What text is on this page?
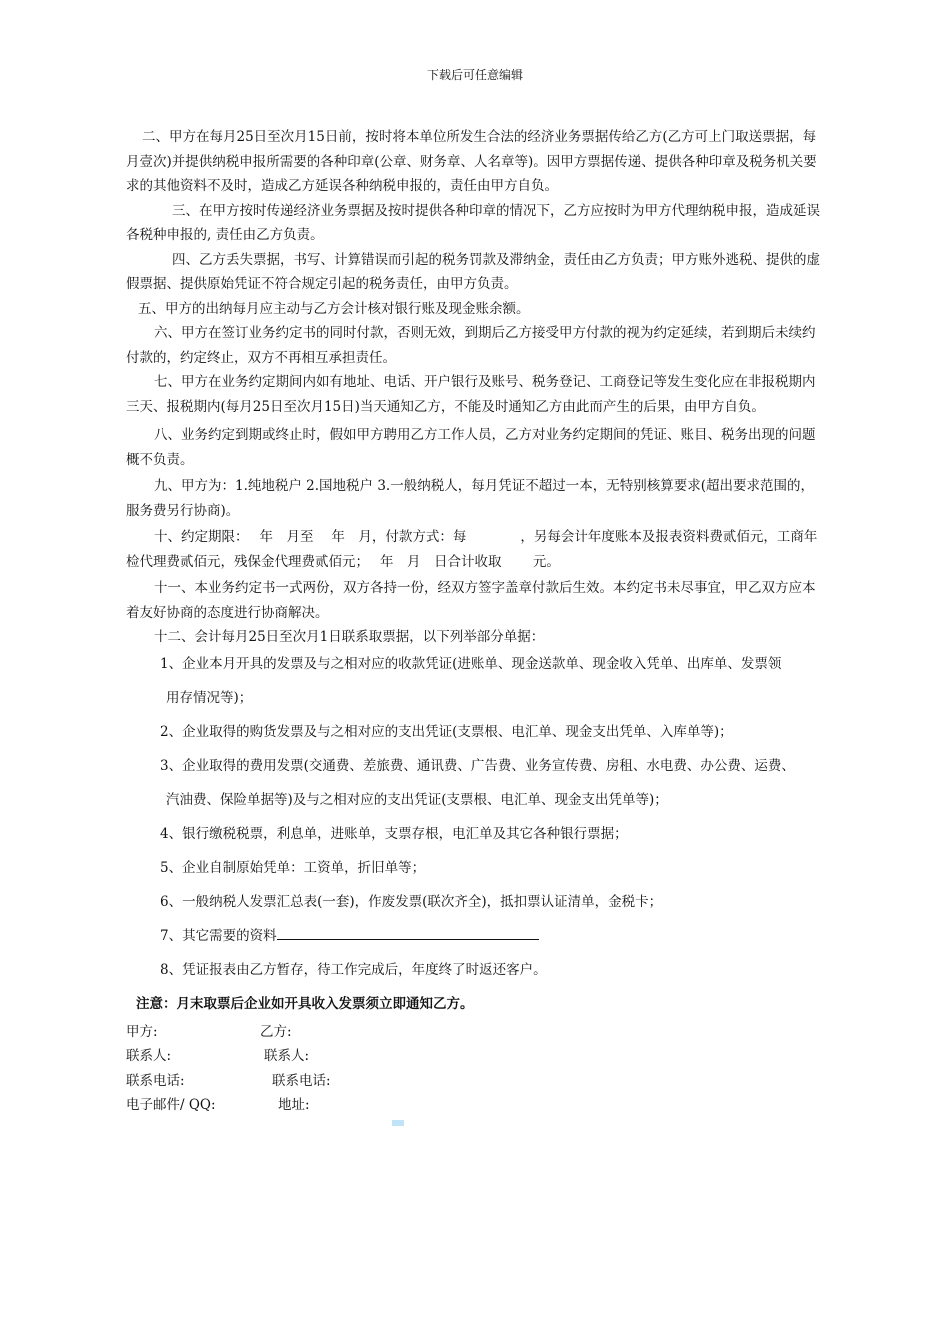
下载后可任意编辑

二、甲方在每月25日至次月15日前，按时将本单位所发生合法的经济业务票据传给乙方(乙方可上门取送票据，每月壹次)并提供纳税申报所需要的各种印章(公章、财务章、人名章等)。因甲方票据传递、提供各种印章及税务机关要求的其他资料不及时，造成乙方延误各种纳税申报的，责任由甲方自负。

三、在甲方按时传递经济业务票据及按时提供各种印章的情况下，乙方应按时为甲方代理纳税申报，造成延误各税种申报的, 责任由乙方负责。

四、乙方丢失票据，书写、计算错误而引起的税务罚款及滞纳金，责任由乙方负责；甲方账外逃税、提供的虚假票据、提供原始凭证不符合规定引起的税务责任，由甲方负责。

五、甲方的出纳每月应主动与乙方会计核对银行账及现金账余额。

六、甲方在签订业务约定书的同时付款，否则无效，到期后乙方接受甲方付款的视为约定延续，若到期后未续约付款的，约定终止，双方不再相互承担责任。

七、甲方在业务约定期间内如有地址、电话、开户银行及账号、税务登记、工商登记等发生变化应在非报税期内三天、报税期内(每月25日至次月15日)当天通知乙方，不能及时通知乙方由此而产生的后果，由甲方自负。

八、业务约定到期或终止时，假如甲方聘用乙方工作人员，乙方对业务约定期间的凭证、账目、税务出现的问题概不负责。

九、甲方为：1.纯地税户 2.国地税户 3.一般纳税人，每月凭证不超过一本，无特别核算要求(超出要求范围的，服务费另行协商)。

十、约定期限：　 年　月至　 年　月，付款方式：每　　　　，另每会计年度账本及报表资料费贰佰元，工商年检代理费贰佰元，残保金代理费贰佰元；　 年　月　日合计收取　　 元。

十一、本业务约定书一式两份，双方各持一份，经双方签字盖章付款后生效。本约定书未尽事宜，甲乙双方应本着友好协商的态度进行协商解决。

十二、会计每月25日至次月1日联系取票据，以下列举部分单据：

1、企业本月开具的发票及与之相对应的收款凭证(进账单、现金送款单、现金收入凭单、出库单、发票领
用存情况等)；

2、企业取得的购货发票及与之相对应的支出凭证(支票根、电汇单、现金支出凭单、入库单等)；

3、企业取得的费用发票(交通费、差旅费、通讯费、广告费、业务宣传费、房租、水电费、办公费、运费、
汽油费、保险单据等)及与之相对应的支出凭证(支票根、电汇单、现金支出凭单等)；

4、银行缴税税票，利息单，进账单，支票存根，电汇单及其它各种银行票据；

5、企业自制原始凭单：工资单，折旧单等；

6、一般纳税人发票汇总表(一套)，作废发票(联次齐全)，抵扣票认证清单，金税卡；

7、其它需要的资料

8、凭证报表由乙方暂存，待工作完成后，年度终了时返还客户。

注意：月末取票后企业如开具收入发票须立即通知乙方。
甲方:	乙方:
联系人:	联系人:
联系电话:	联系电话:
电子邮件/ QQ:	地址:
